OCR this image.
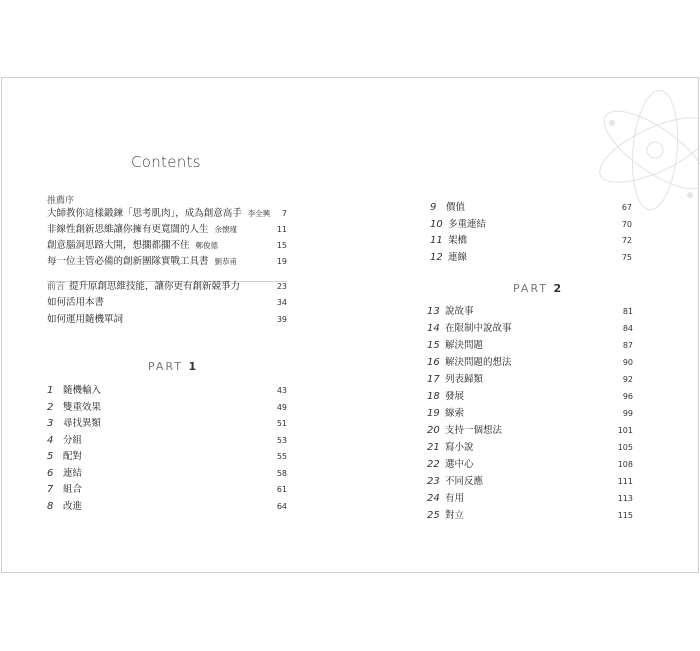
Contents
推薦序
大師教你這樣鍛鍊「思考肌肉」，成為創意高手 李全興 7
非線性創新思維讓你擁有更寬闊的人生 余懷瑾	11
創意腦洞思路大開，想擱都擱不住 鄭俊德	15
每一位主管必備的創新團隊實戰工具書 劉恭甫	19
前言 提升原創思維技能，讓你更有創新競爭力	23
如何活用本書	34
如何運用隨機單詞	39
PART 1
1	隨機輸入	43
2	雙重效果	49
3	尋找異類	51
4	分組	53
5	配對	55
6	連結	58
7	組合	61
8	改進	64
9	價值	67
10 多重連結	70
11 架橋	72
12 連線	75
PART 2
13 說故事	81
14 在限制中說故事	84
15 解決問題	87
16 解決問題的想法	90
17 列表歸類	92
18 發展	96
19 線索	99
20 支持一個想法	101
21 寫小說	105
22 選中心	108
23 不同反應	111
24 有用	113
25 對立	115
